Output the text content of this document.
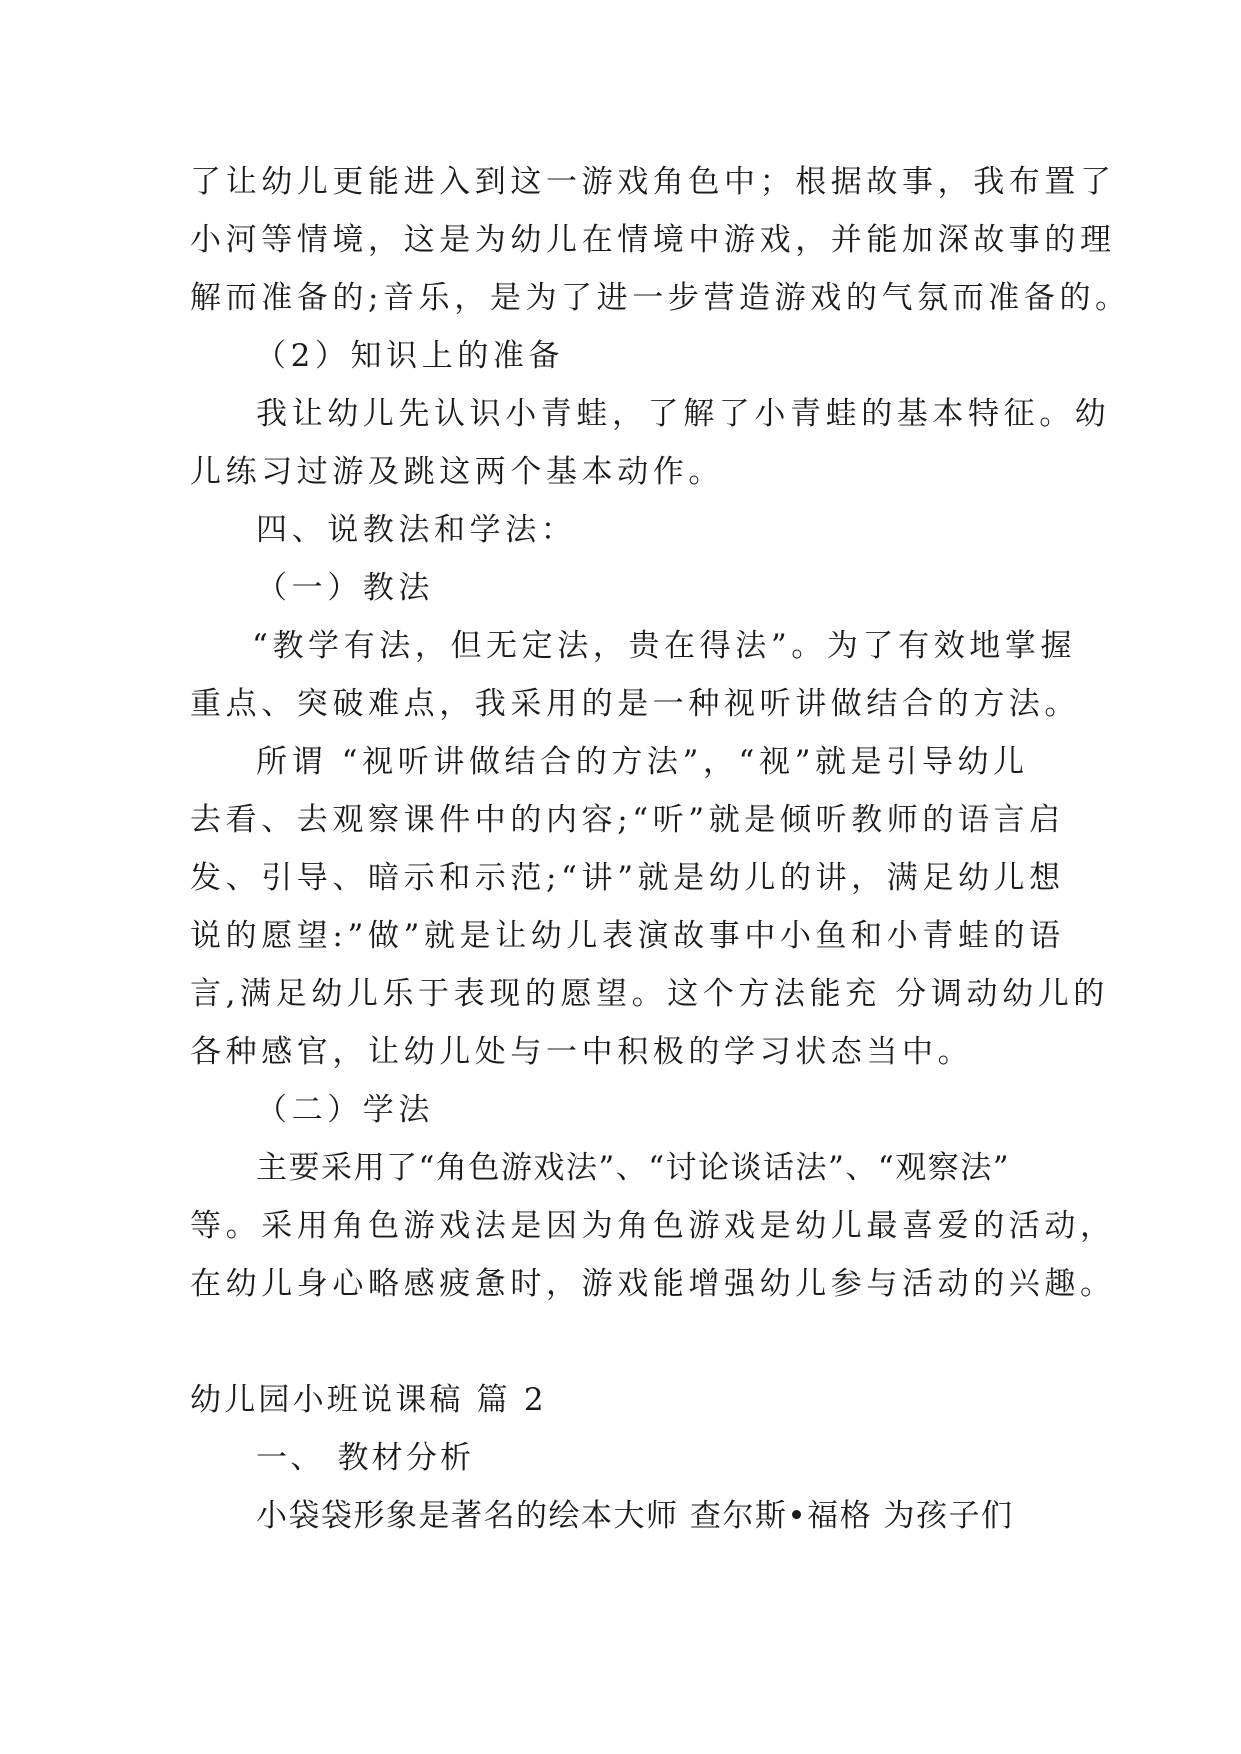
了让幼儿更能进入到这一游戏角色中；根据故事，我布置了
小河等情境，这是为幼儿在情境中游戏，并能加深故事的理
解而准备的;音乐，是为了进一步营造游戏的气氛而准备的。
（2）知识上的准备
我让幼儿先认识小青蛙，了解了小青蛙的基本特征。幼
儿练习过游及跳这两个基本动作。
四、说教法和学法：
（一）教法
“教学有法，但无定法，贵在得法”。为了有效地掌握
重点、突破难点，我采用的是一种视听讲做结合的方法。
所谓 “视听讲做结合的方法”，“视”就是引导幼儿
去看、去观察课件中的内容;“听”就是倾听教师的语言启
发、引导、暗示和示范;“讲”就是幼儿的讲，满足幼儿想
说的愿望:”做”就是让幼儿表演故事中小鱼和小青蛙的语
言,满足幼儿乐于表现的愿望。这个方法能充 分调动幼儿的
各种感官，让幼儿处与一中积极的学习状态当中。
（二）学法
主要采用了“角色游戏法”、“讨论谈话法”、“观察法”
等。采用角色游戏法是因为角色游戏是幼儿最喜爱的活动，
在幼儿身心略感疲惫时，游戏能增强幼儿参与活动的兴趣。
幼儿园小班说课稿 篇 2
一、 教材分析
小袋袋形象是著名的绘本大师 查尔斯•福格 为孩子们
